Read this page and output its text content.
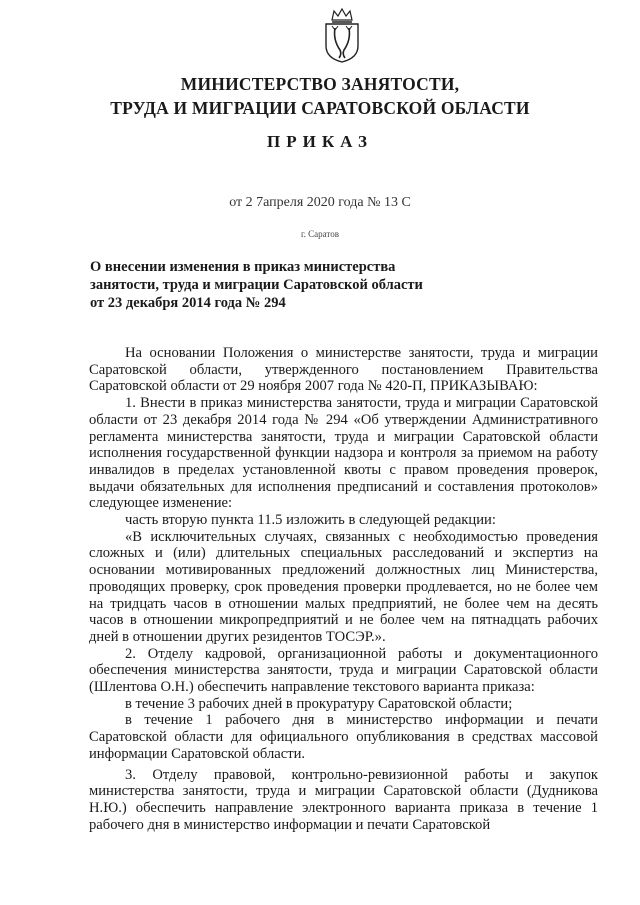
МИНИСТЕРСТВО ЗАНЯТОСТИ,
ТРУДА И МИГРАЦИИ САРАТОВСКОЙ ОБЛАСТИ
ПРИКАЗ
от 2 7апреля 2020 года № 13 С
г. Саратов
О внесении изменения в приказ министерства
занятости, труда и миграции Саратовской области
от 23 декабря 2014 года № 294

На основании Положения о министерстве занятости, труда и миграции Саратовской области, утвержденного постановлением Правительства Саратовской области от 29 ноября 2007 года № 420-П, ПРИКАЗЫВАЮ:

1. Внести в приказ министерства занятости, труда и миграции Саратовской области от 23 декабря 2014 года № 294 «Об утверждении Административного регламента министерства занятости, труда и миграции Саратовской области исполнения государственной функции надзора и контроля за приемом на работу инвалидов в пределах установленной квоты с правом проведения проверок, выдачи обязательных для исполнения предписаний и составления протоколов» следующее изменение:

часть вторую пункта 11.5 изложить в следующей редакции:

«В исключительных случаях, связанных с необходимостью проведения сложных и (или) длительных специальных расследований и экспертиз на основании мотивированных предложений должностных лиц Министерства, проводящих проверку, срок проведения проверки продлевается, но не более чем на тридцать часов в отношении малых предприятий, не более чем на десять часов в отношении микропредприятий и не более чем на пятнадцать рабочих дней в отношении других резидентов ТОСЭР.».

2. Отделу кадровой, организационной работы и документационного обеспечения министерства занятости, труда и миграции Саратовской области (Шлентова О.Н.) обеспечить направление текстового варианта приказа:

в течение 3 рабочих дней в прокуратуру Саратовской области;

в течение 1 рабочего дня в министерство информации и печати Саратовской области для официального опубликования в средствах массовой информации Саратовской области.

3. Отделу правовой, контрольно-ревизионной работы и закупок министерства занятости, труда и миграции Саратовской области (Дудникова Н.Ю.) обеспечить направление электронного варианта приказа в течение 1 рабочего дня в министерство информации и печати Саратовской
